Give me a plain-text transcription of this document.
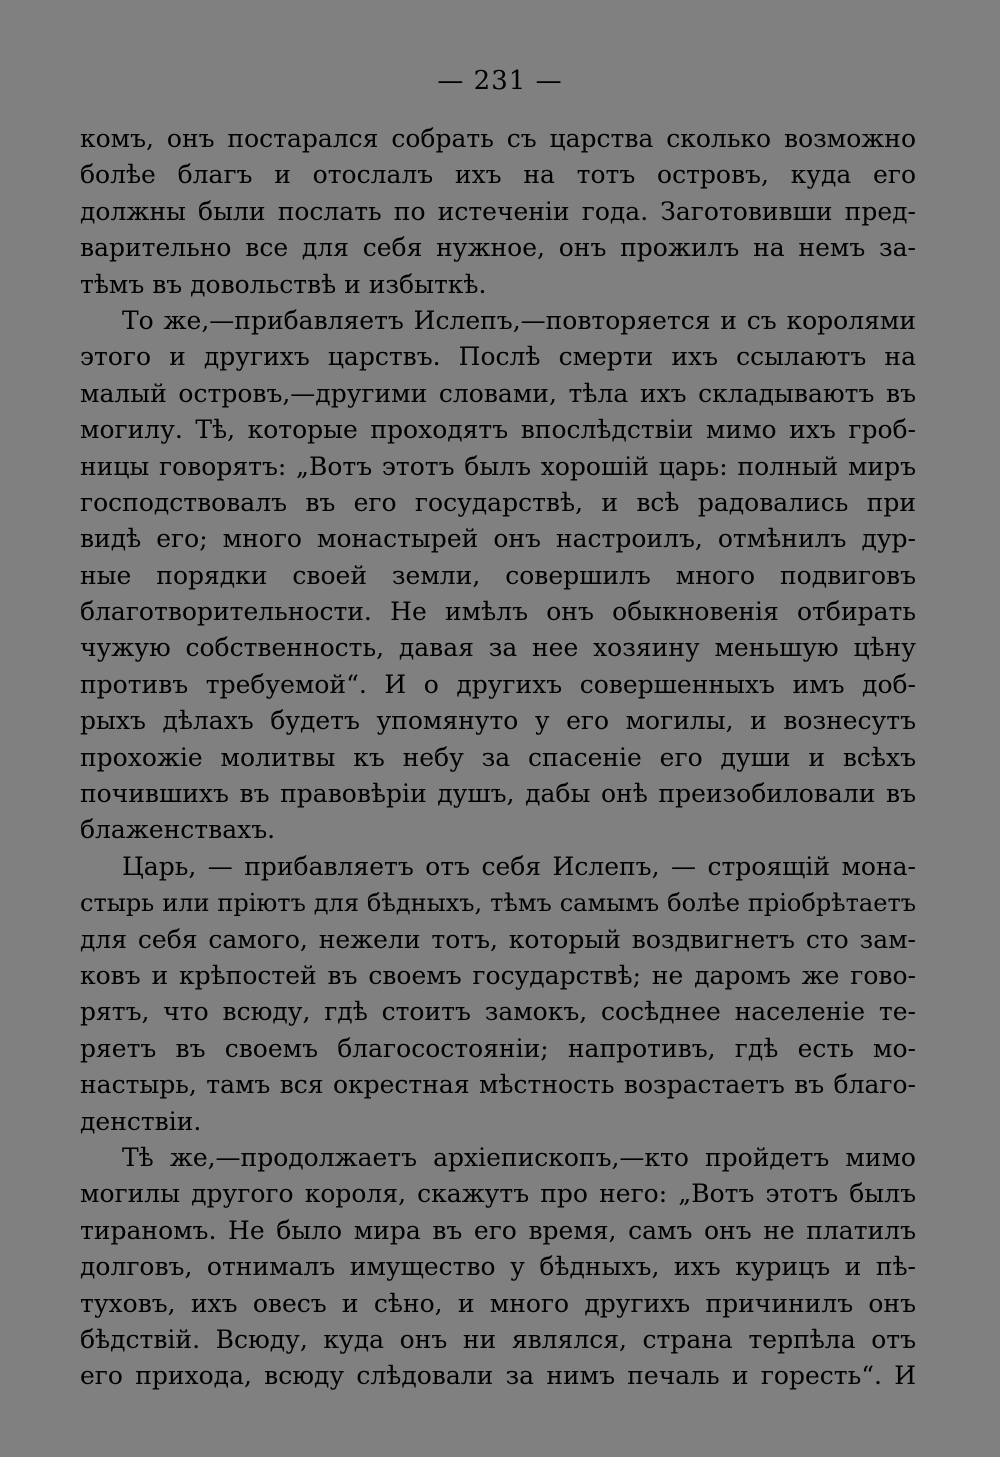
— 231 —
комъ, онъ постарался собрать съ царства сколько возможно
болѣе благъ и отослалъ ихъ на тотъ островъ, куда его
должны были послать по истеченіи года. Заготовивши пред-
варительно все для себя нужное, онъ прожилъ на немъ за-
тѣмъ въ довольствѣ и избыткѣ.
То же,—прибавляетъ Ислепъ,—повторяется и съ королями
этого и другихъ царствъ. Послѣ смерти ихъ ссылаютъ на
малый островъ,—другими словами, тѣла ихъ складываютъ въ
могилу. Тѣ, которые проходятъ впослѣдствіи мимо ихъ гроб-
ницы говорятъ: „Вотъ этотъ былъ хорошій царь: полный миръ
господствовалъ въ его государствѣ, и всѣ радовались при
видѣ его; много монастырей онъ настроилъ, отмѣнилъ дур-
ные порядки своей земли, совершилъ много подвиговъ
благотворительности. Не имѣлъ онъ обыкновенія отбирать
чужую собственность, давая за нее хозяину меньшую цѣну
противъ требуемой“. И о другихъ совершенныхъ имъ доб-
рыхъ дѣлахъ будетъ упомянуто у его могилы, и вознесутъ
прохожіе молитвы къ небу за спасеніе его души и всѣхъ
почившихъ въ правовѣріи душъ, дабы онѣ преизобиловали въ
блаженствахъ.
Царь, — прибавляетъ отъ себя Ислепъ, — строящій мона-
стырь или пріютъ для бѣдныхъ, тѣмъ самымъ болѣе пріобрѣтаетъ
для себя самого, нежели тотъ, который воздвигнетъ сто зам-
ковъ и крѣпостей въ своемъ государствѣ; не даромъ же гово-
рятъ, что всюду, гдѣ стоитъ замокъ, сосѣднее населеніе те-
ряетъ въ своемъ благосостояніи; напротивъ, гдѣ есть мо-
настырь, тамъ вся окрестная мѣстность возрастаетъ въ благо-
денствіи.
Тѣ же,—продолжаетъ архіепископъ,—кто пройдетъ мимо
могилы другого короля, скажутъ про него: „Вотъ этотъ былъ
тираномъ. Не было мира въ его время, самъ онъ не платилъ
долговъ, отнималъ имущество у бѣдныхъ, ихъ курицъ и пѣ-
туховъ, ихъ овесъ и сѣно, и много другихъ причинилъ онъ
бѣдствій. Всюду, куда онъ ни являлся, страна терпѣла отъ
его прихода, всюду слѣдовали за нимъ печаль и горесть“. И
